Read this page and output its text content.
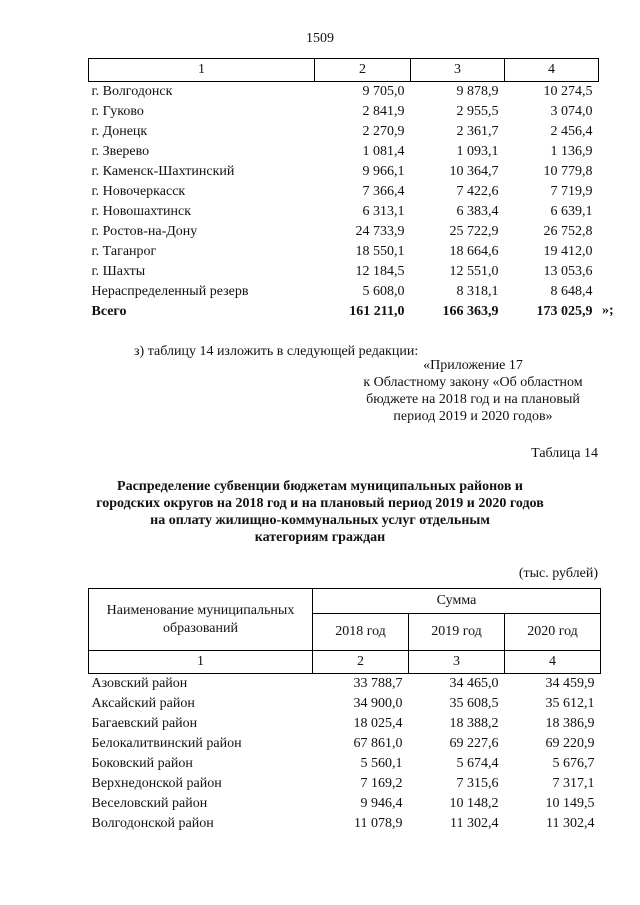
1509
1	2	3	4
г. Волгодонск	9 705,0	9 878,9	10 274,5
г. Гуково	2 841,9	2 955,5	3 074,0
г. Донецк	2 270,9	2 361,7	2 456,4
г. Зверево	1 081,4	1 093,1	1 136,9
г. Каменск-Шахтинский	9 966,1	10 364,7	10 779,8
г. Новочеркасск	7 366,4	7 422,6	7 719,9
г. Новошахтинск	6 313,1	6 383,4	6 639,1
г. Ростов-на-Дону	24 733,9	25 722,9	26 752,8
г. Таганрог	18 550,1	18 664,6	19 412,0
г. Шахты	12 184,5	12 551,0	13 053,6
Нераспределенный резерв	5 608,0	8 318,1	8 648,4
Всего	161 211,0	166 363,9	173 025,9 »;
з) таблицу 14 изложить в следующей редакции:
«Приложение 17
к Областному закону «Об областном
бюджете на 2018 год и на плановый
период 2019 и 2020 годов»
Таблица 14
Распределение субвенции бюджетам муниципальных районов и
городских округов на 2018 год и на плановый период 2019 и 2020 годов
на оплату жилищно-коммунальных услуг отдельным
категориям граждан
(тыс. рублей)
Наименование муниципальных
образований	Сумма		
	2018 год	2019 год	2020 год
1	2	3	4
Азовский район	33 788,7	34 465,0	34 459,9
Аксайский район	34 900,0	35 608,5	35 612,1
Багаевский район	18 025,4	18 388,2	18 386,9
Белокалитвинский район	67 861,0	69 227,6	69 220,9
Боковский район	5 560,1	5 674,4	5 676,7
Верхнедонской район	7 169,2	7 315,6	7 317,1
Веселовский район	9 946,4	10 148,2	10 149,5
Волгодонской район	11 078,9	11 302,4	11 302,4
